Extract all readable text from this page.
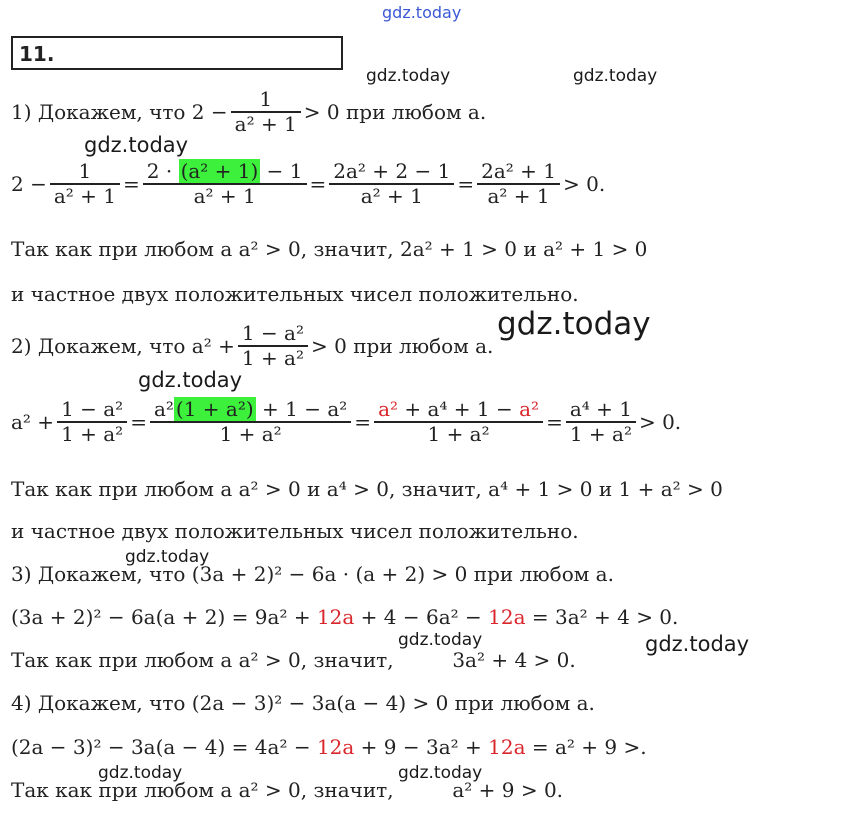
gdz.today
gdz.today	gdz.today
gdz.today
gdz.today
gdz.today
gdz.today
gdz.today	gdz.today
gdz.today	gdz.today
11.
1) Докажем, что $2 - \frac{1}{\text{a² + 1}} > 0$ при любом a.
$2 - \frac{1}{\text{a² + 1}} = \frac{\text{2 · (a² + 1) − 1}}{\text{a² + 1}} = \frac{\text{2a² + 2 − 1}}{\text{a² + 1}} = \frac{\text{2a² + 1}}{\text{a² + 1}} > 0$.
Так как при любом a a² > 0, значит, 2a² + 1 > 0 и a² + 1 > 0
и частное двух положительных чисел положительно.
2) Докажем, что $a^2 + \frac{\text{1 − a²}}{\text{1 + a²}} > 0$ при любом a.
$a^2 + \frac{\text{1 − a²}}{\text{1 + a²}} = \frac{\text{a² (1 + a²) + 1 − a²}}{\text{1 + a²}} = \frac{\text{a² + a⁴ + 1 − a²}}{\text{1 + a²}} = \frac{\text{a⁴ + 1}}{\text{1 + a²}} > 0$.
Так как при любом a a² > 0 и a⁴ > 0, значит, a⁴ + 1 > 0 и 1 + a² > 0
и частное двух положительных чисел положительно.
3) Докажем, что (3a + 2)² − 6a · (a + 2) > 0 при любом a.
(3a + 2)² − 6a(a + 2) = 9a² + 12a + 4 − 6a² − 12a = 3a² + 4 > 0.
Так как при любом a a² > 0, значит,	3a² + 4 > 0.
4) Докажем, что (2a − 3)² − 3a(a − 4) > 0 при любом a.
(2a − 3)² − 3a(a − 4) = 4a² − 12a + 9 − 3a² + 12a = a² + 9 >.
Так как при любом a a² > 0, значит,	a² + 9 > 0.
